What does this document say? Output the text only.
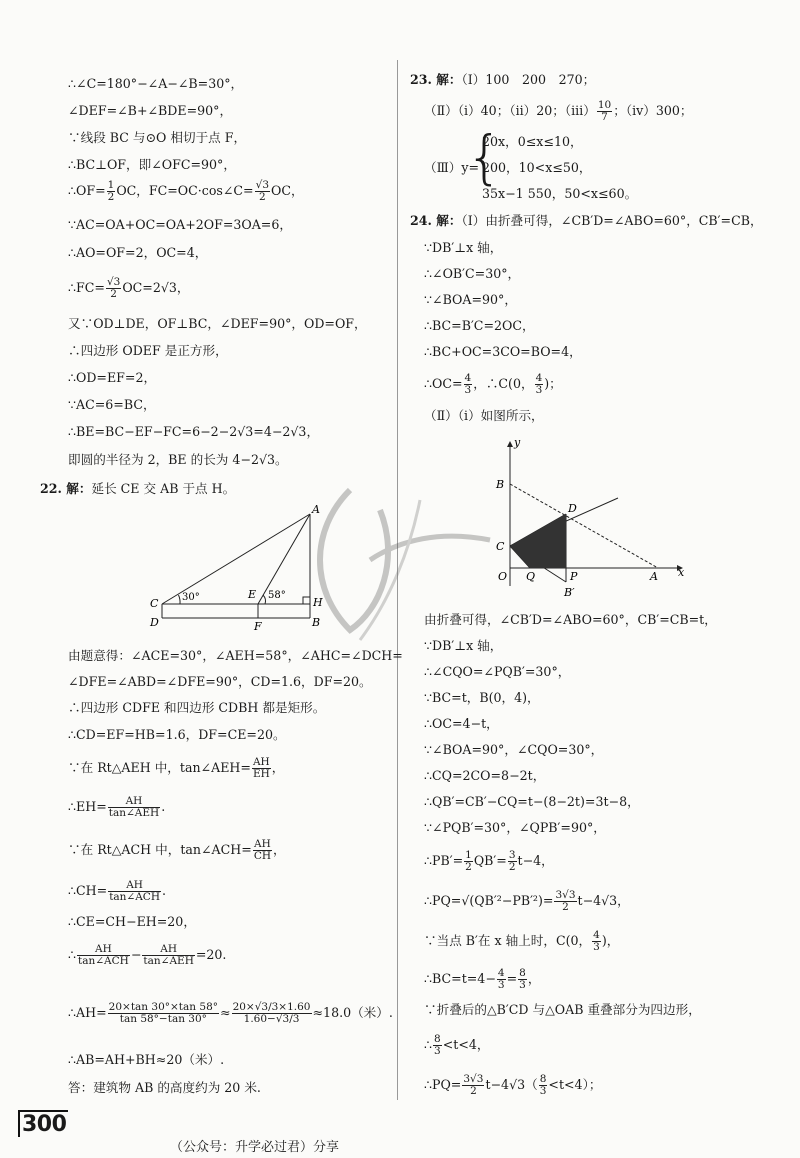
∴∠C=180°−∠A−∠B=30°，
∠DEF=∠B+∠BDE=90°，
∵线段 BC 与⊙O 相切于点 F，
∴BC⊥OF，即∠OFC=90°，
∴OF= $\frac{1}{2}$ OC，FC=OC·cos∠C= $\frac{√3}{2}$ OC，
∵AC=OA+OC=OA+2OF=3OA=6，
∴AO=OF=2，OC=4，
∴FC= $\frac{√3}{2} OC=2√3$，
又∵OD⊥DE，OF⊥BC，∠DEF=90°，OD=OF，
∴四边形 ODEF 是正方形，
∴OD=EF=2，
∵AC=6=BC，
∴BE=BC−EF−FC=6−2−2√3=4−2√3，
即圆的半径为 2，BE 的长为 4−2√3。
22. 解：延长 CE 交 AB 于点 H。
A
C
D
E
F
H
B
30°	58°
由题意得：∠ACE=30°，∠AEH=58°，∠AHC=∠DCH=
∠DFE=∠ABD=∠DFE=90°，CD=1.6，DF=20。
∴四边形 CDFE 和四边形 CDBH 都是矩形。
∴CD=EF=HB=1.6，DF=CE=20。
∵在 Rt△AEH 中，tan∠AEH= $\frac{AH}{EH}$ ，
∴EH= $\frac{AH}{\text{tan∠AEH}}$ .
∵在 Rt△ACH 中，tan∠ACH= $\frac{AH}{CH}$ ，
∴CH= $\frac{AH}{\text{tan∠ACH}}$ .
∴CE=CH−EH=20，
∴ $\frac{AH}{\text{tan∠ACH}} - \frac{AH}{\text{tan∠AEH}} =20$.
∴AH= $\frac{20\times\tan 30^\circ\times\tan 58^\circ}{\tan 58^\circ-\tan 30^\circ} \approx \frac{20\times√3/3\times 1.60}{1.60-√3/3} \approx 18.0$（米）.
∴AB=AH+BH≈20（米）.
答：建筑物 AB 的高度约为 20 米.
23. 解：（Ⅰ）100　200　270；
（Ⅱ）（ⅰ）40；（ⅱ）20；（ⅲ） $\frac{10}{7}$ ；（ⅳ）300；
（Ⅲ）y=
{
20x，0≤x≤10，
200，10<x≤50，
35x−1 550，50<x≤60。
24. 解：（Ⅰ）由折叠可得，∠CB′D=∠ABO=60°，CB′=CB，
∵DB′⊥x 轴，
∴∠OB′C=30°，
∵∠BOA=90°，
∴BC=B′C=2OC，
∴BC+OC=3CO=BO=4，
∴OC= $\frac{4}{3}$ ，∴C(0， $\frac{4}{3}$ )；
（Ⅱ）（ⅰ）如图所示，
y
x
B
D
C
O Q	P	A
B′
由折叠可得，∠CB′D=∠ABO=60°，CB′=CB=t，
∵DB′⊥x 轴，
∴∠CQO=∠PQB′=30°，
∵BC=t，B(0，4)，
∴OC=4−t，
∵∠BOA=90°，∠CQO=30°，
∴CQ=2CO=8−2t，
∴QB′=CB′−CQ=t−(8−2t)=3t−8，
∵∠PQB′=30°，∠QPB′=90°，
∴PB′= $\frac{1}{2} QB'= \frac{3}{2} t-4$，
∴PQ=√(QB′²−PB′²)= $\frac{3√3}{2} t-4√3$，
∵当点 B′在 x 轴上时，C(0， $\frac{4}{3}$ )，
∴BC=t=4− $\frac{4}{3} = \frac{8}{3}$ ，
∵折叠后的△B′CD 与△OAB 重叠部分为四边形，
∴ $\frac{8}{3} <t<4$，
∴PQ= $\frac{3√3}{2} t-4√3( \frac{8}{3} <t<4)$；
300
（公众号：升学必过君）分享
